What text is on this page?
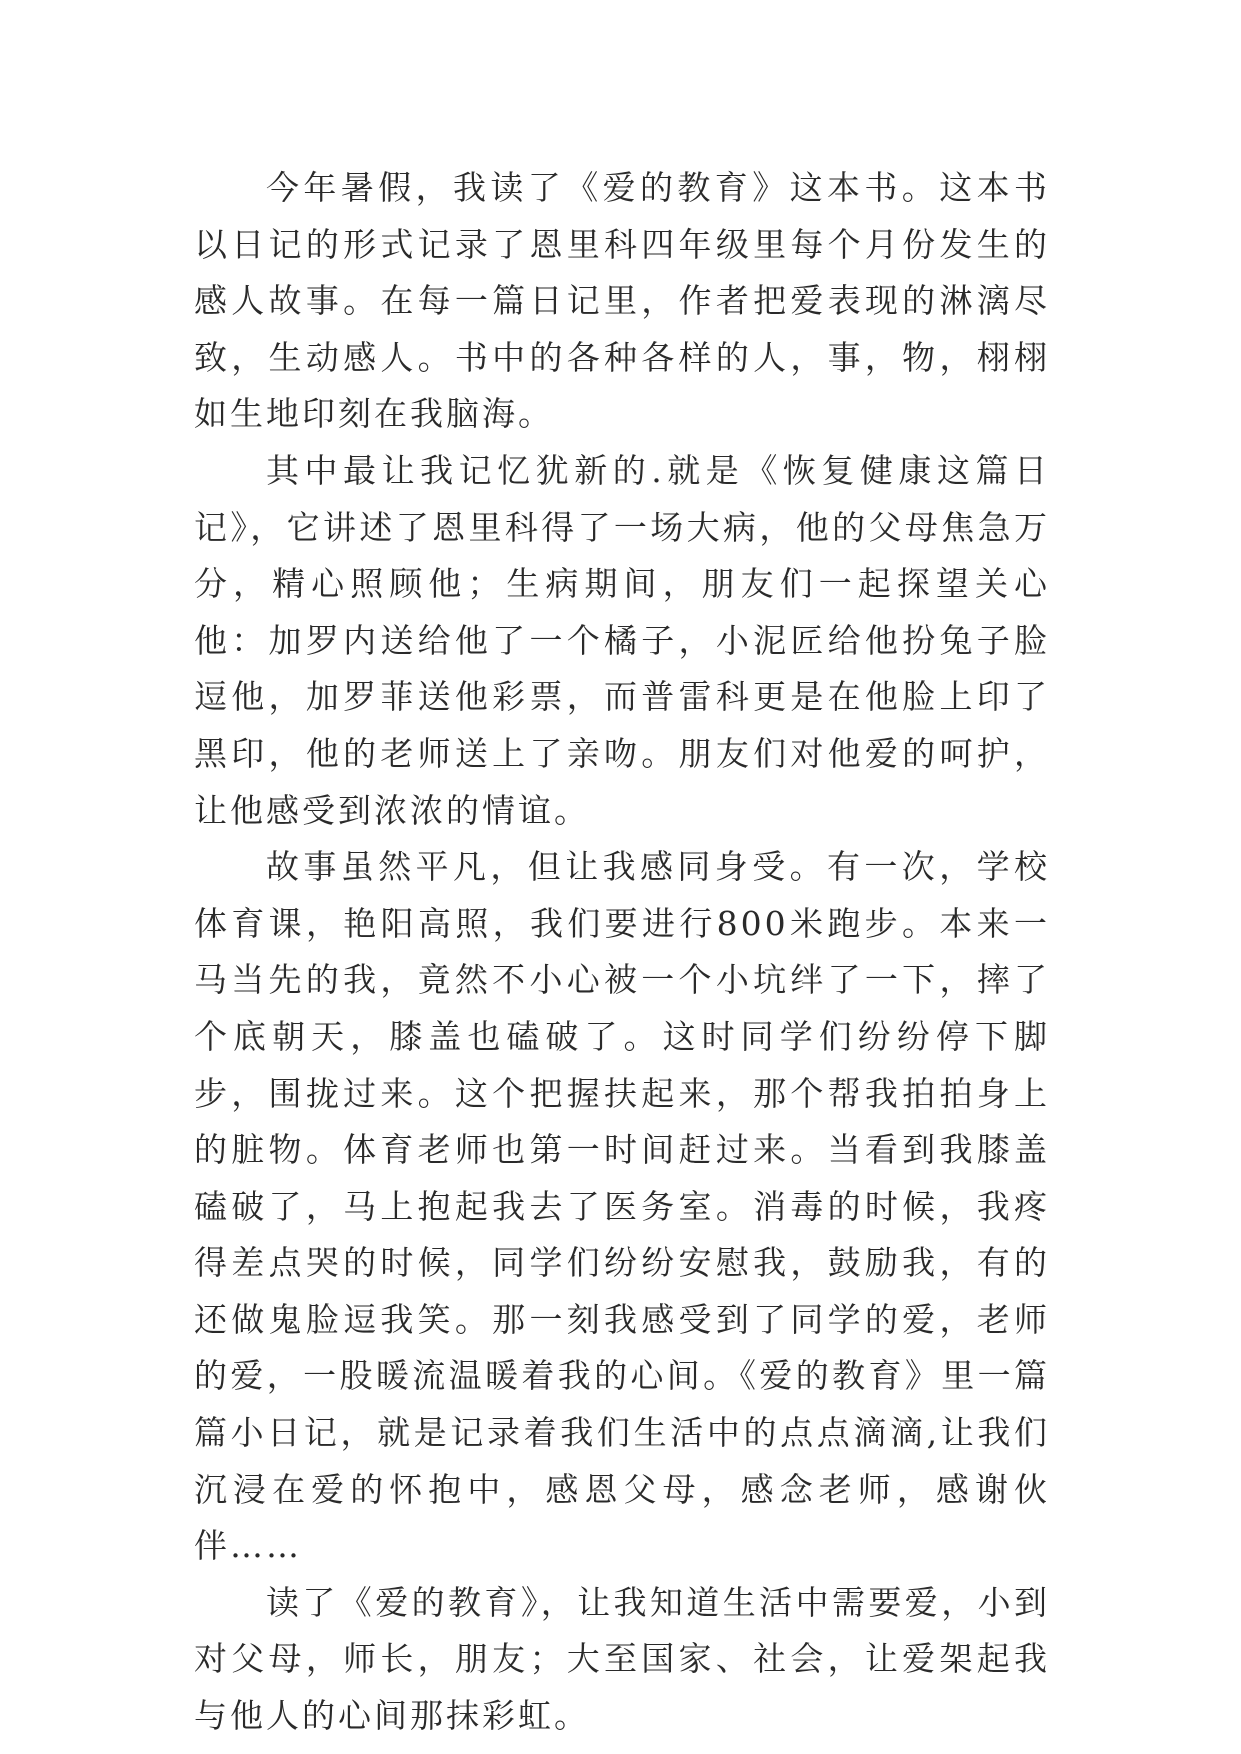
今年暑假，我读了《爱的教育》这本书。这本书以日记的形式记录了恩里科四年级里每个月份发生的感人故事。在每一篇日记里，作者把爱表现的淋漓尽致，生动感人。书中的各种各样的人，事，物，栩栩如生地印刻在我脑海。

其中最让我记忆犹新的.就是《恢复健康这篇日记》，它讲述了恩里科得了一场大病，他的父母焦急万分，精心照顾他；生病期间，朋友们一起探望关心他：加罗内送给他了一个橘子，小泥匠给他扮兔子脸逗他，加罗菲送他彩票，而普雷科更是在他脸上印了黑印，他的老师送上了亲吻。朋友们对他爱的呵护，让他感受到浓浓的情谊。

故事虽然平凡，但让我感同身受。有一次，学校体育课，艳阳高照，我们要进行800米跑步。本来一马当先的我，竟然不小心被一个小坑绊了一下，摔了个底朝天，膝盖也磕破了。这时同学们纷纷停下脚步，围拢过来。这个把握扶起来，那个帮我拍拍身上的脏物。体育老师也第一时间赶过来。当看到我膝盖磕破了，马上抱起我去了医务室。消毒的时候，我疼得差点哭的时候，同学们纷纷安慰我，鼓励我，有的还做鬼脸逗我笑。那一刻我感受到了同学的爱，老师的爱，一股暖流温暖着我的心间。《爱的教育》里一篇篇小日记，就是记录着我们生活中的点点滴滴,让我们沉浸在爱的怀抱中，感恩父母，感念老师，感谢伙伴……

读了《爱的教育》，让我知道生活中需要爱，小到对父母，师长，朋友；大至国家、社会，让爱架起我与他人的心间那抹彩虹。
